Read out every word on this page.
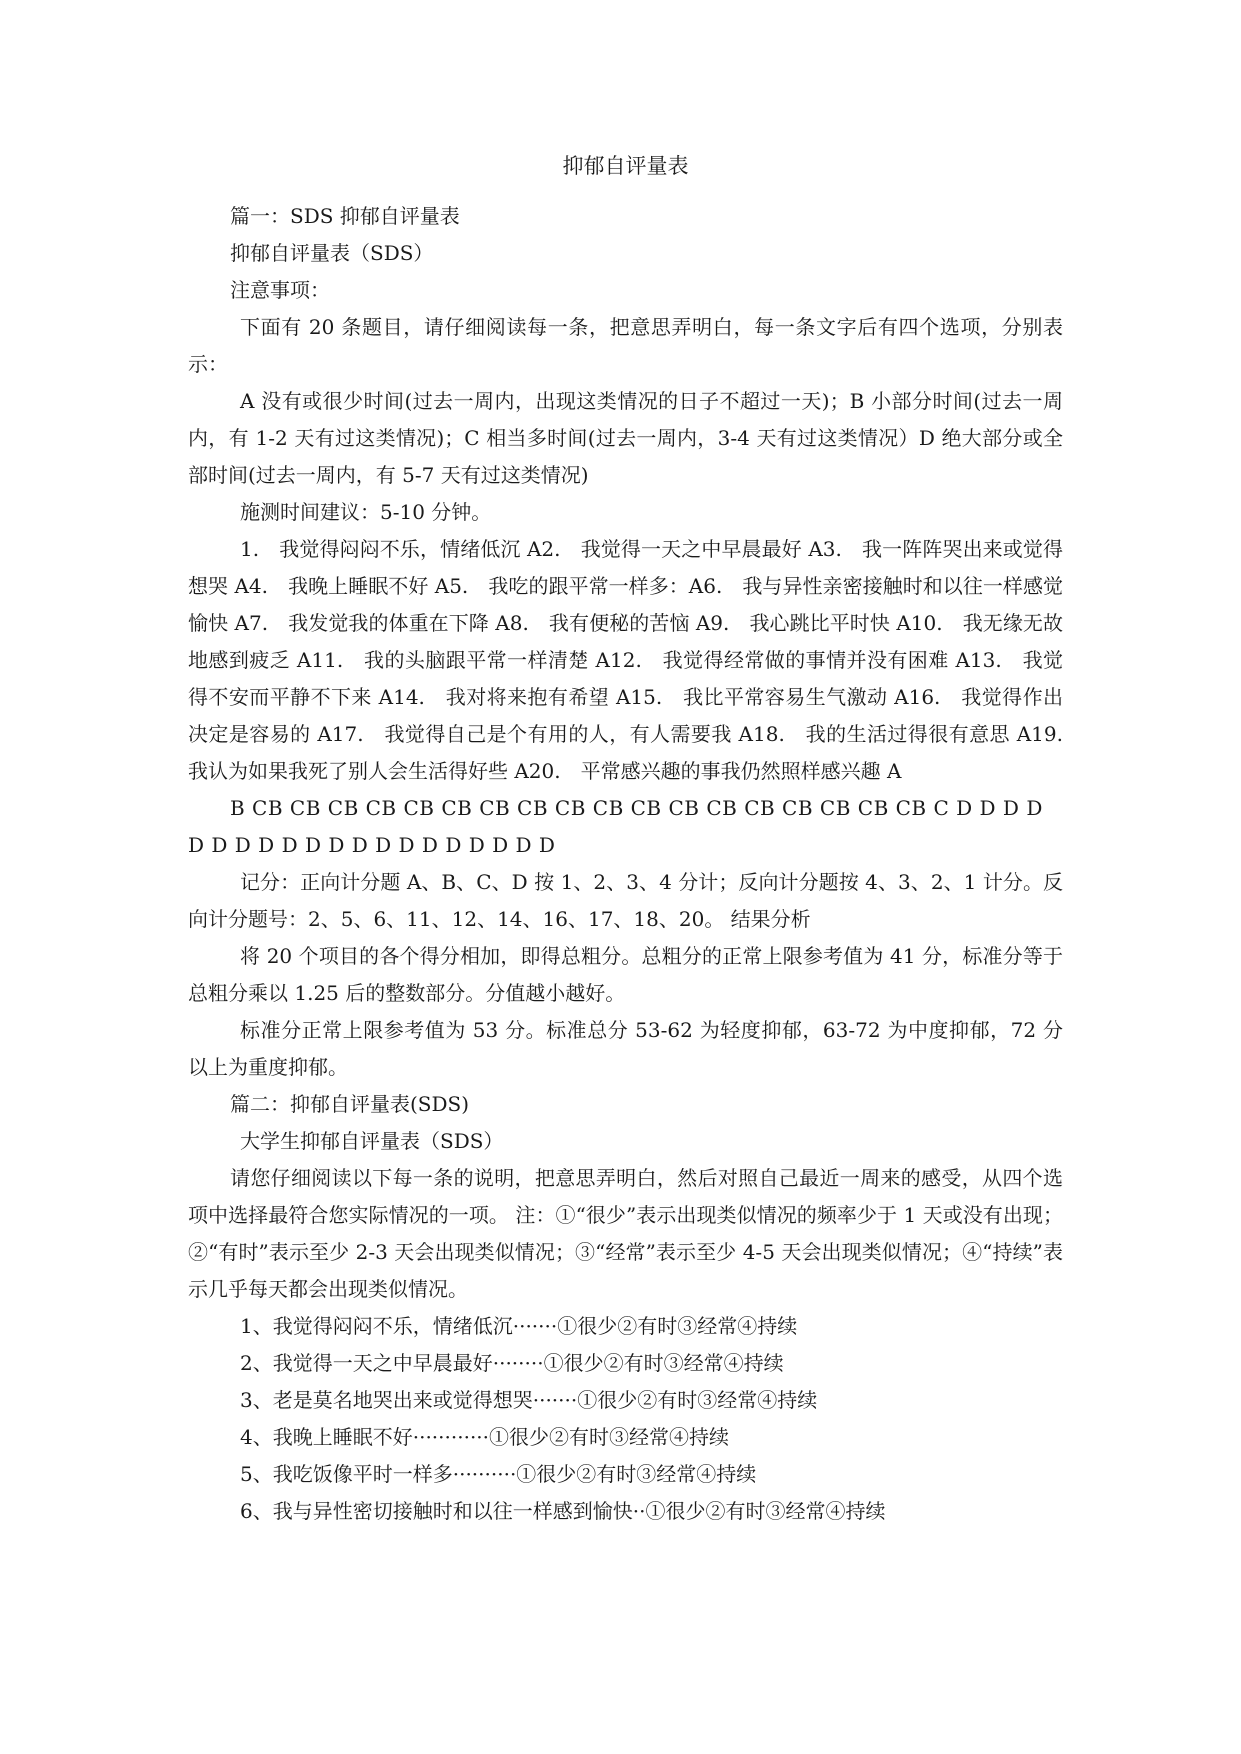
抑郁自评量表

篇一：SDS 抑郁自评量表

抑郁自评量表（SDS）

注意事项：

下面有 20 条题目，请仔细阅读每一条，把意思弄明白，每一条文字后有四个选项，分别表示：

A 没有或很少时间(过去一周内，出现这类情况的日子不超过一天)；B 小部分时间(过去一周内，有 1-2 天有过这类情况)；C 相当多时间(过去一周内，3-4 天有过这类情况）D 绝大部分或全部时间(过去一周内，有 5-7 天有过这类情况)

施测时间建议：5-10 分钟。

1.　我觉得闷闷不乐，情绪低沉 A2.　我觉得一天之中早晨最好 A3.　我一阵阵哭出来或觉得想哭 A4.　我晚上睡眠不好 A5.　我吃的跟平常一样多：A6.　我与异性亲密接触时和以往一样感觉愉快 A7.　我发觉我的体重在下降 A8.　我有便秘的苦恼 A9.　我心跳比平时快 A10.　我无缘无故地感到疲乏 A11.　我的头脑跟平常一样清楚 A12.　我觉得经常做的事情并没有困难 A13.　我觉得不安而平静不下来 A14.　我对将来抱有希望 A15.　我比平常容易生气激动 A16.　我觉得作出决定是容易的 A17.　我觉得自己是个有用的人，有人需要我 A18.　我的生活过得很有意思 A19.　我认为如果我死了别人会生活得好些 A20.　平常感兴趣的事我仍然照样感兴趣 A

B CB CB CB CB CB CB CB CB CB CB CB CB CB CB CB CB CB CB C D D D D D D D D D D D D D D D D D D D D

记分：正向计分题 A、B、C、D 按 1、2、3、4 分计；反向计分题按 4、3、2、1 计分。反向计分题号：2、5、6、11、12、14、16、17、18、20。 结果分析

将 20 个项目的各个得分相加，即得总粗分。总粗分的正常上限参考值为 41 分，标准分等于总粗分乘以 1.25 后的整数部分。分值越小越好。

标准分正常上限参考值为 53 分。标准总分 53-62 为轻度抑郁，63-72 为中度抑郁，72 分以上为重度抑郁。

篇二：抑郁自评量表(SDS)

大学生抑郁自评量表（SDS）

请您仔细阅读以下每一条的说明，把意思弄明白，然后对照自己最近一周来的感受，从四个选项中选择最符合您实际情况的一项。 注：①“很少”表示出现类似情况的频率少于 1 天或没有出现；②“有时”表示至少 2-3 天会出现类似情况；③“经常”表示至少 4-5 天会出现类似情况；④“持续”表示几乎每天都会出现类似情况。

1、我觉得闷闷不乐，情绪低沉·······①很少②有时③经常④持续
2、我觉得一天之中早晨最好········①很少②有时③经常④持续
3、老是莫名地哭出来或觉得想哭·······①很少②有时③经常④持续
4、我晚上睡眠不好············①很少②有时③经常④持续
5、我吃饭像平时一样多··········①很少②有时③经常④持续
6、我与异性密切接触时和以往一样感到愉快··①很少②有时③经常④持续
